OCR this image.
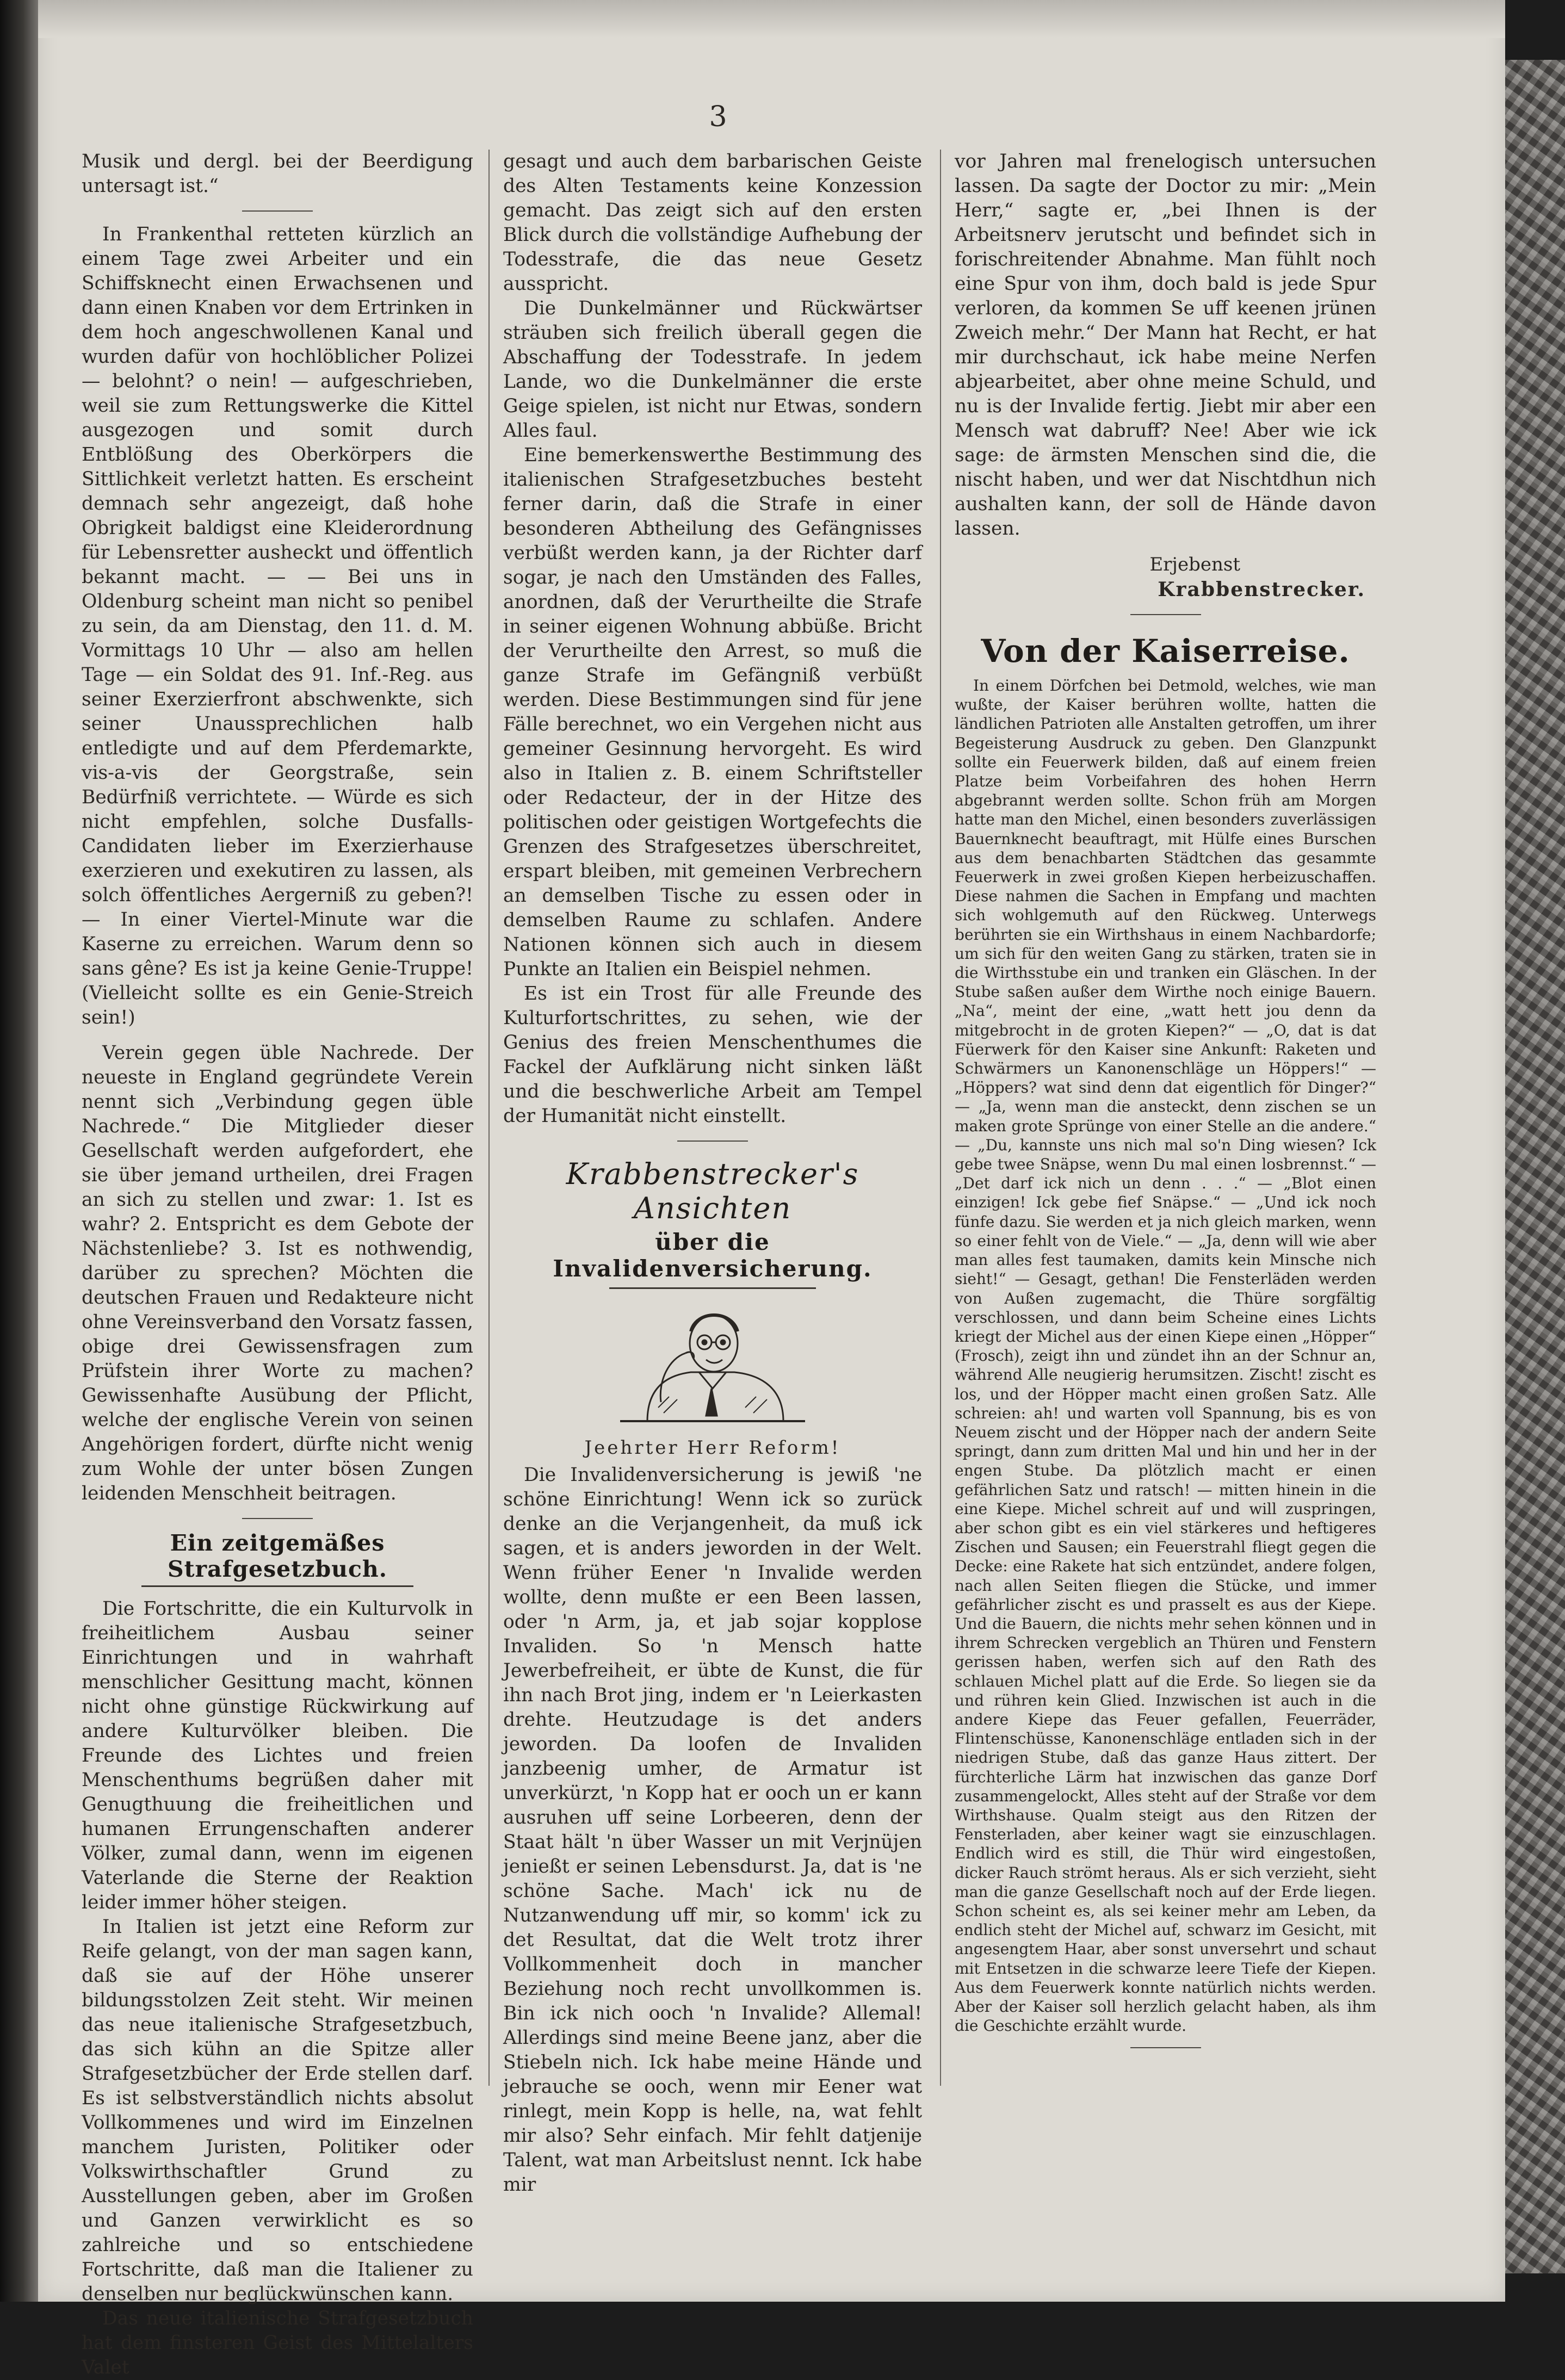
3

Musik und dergl. bei der Beerdigung untersagt ist.“

In Frankenthal retteten kürzlich an einem Tage zwei Arbeiter und ein Schiffsknecht einen Erwachsenen und dann einen Knaben vor dem Ertrinken in dem hoch angeschwollenen Kanal und wurden dafür von hochlöblicher Polizei — belohnt? o nein! — aufgeschrieben, weil sie zum Rettungswerke die Kittel ausgezogen und somit durch Entblößung des Oberkörpers die Sittlichkeit verletzt hatten. Es erscheint demnach sehr angezeigt, daß hohe Obrigkeit baldigst eine Kleiderordnung für Lebensretter ausheckt und öffentlich bekannt macht. — — Bei uns in Oldenburg scheint man nicht so penibel zu sein, da am Dienstag, den 11. d. M. Vormittags 10 Uhr — also am hellen Tage — ein Soldat des 91. Inf.-Reg. aus seiner Exerzierfront abschwenkte, sich seiner Unaussprechlichen halb entledigte und auf dem Pferdemarkte, vis-a-vis der Georgstraße, sein Bedürfniß verrichtete. — Würde es sich nicht empfehlen, solche Dusfalls-Candidaten lieber im Exerzierhause exerzieren und exekutiren zu lassen, als solch öffentliches Aergerniß zu geben?! — In einer Viertel-Minute war die Kaserne zu erreichen. Warum denn so sans gêne? Es ist ja keine Genie-Truppe! (Vielleicht sollte es ein Genie-Streich sein!)

Verein gegen üble Nachrede. Der neueste in England gegründete Verein nennt sich „Verbindung gegen üble Nachrede.“ Die Mitglieder dieser Gesellschaft werden aufgefordert, ehe sie über jemand urtheilen, drei Fragen an sich zu stellen und zwar: 1. Ist es wahr? 2. Entspricht es dem Gebote der Nächstenliebe? 3. Ist es nothwendig, darüber zu sprechen? Möchten die deutschen Frauen und Redakteure nicht ohne Vereinsverband den Vorsatz fassen, obige drei Gewissensfragen zum Prüfstein ihrer Worte zu machen? Gewissenhafte Ausübung der Pflicht, welche der englische Verein von seinen Angehörigen fordert, dürfte nicht wenig zum Wohle der unter bösen Zungen leidenden Menschheit beitragen.

Ein zeitgemäßes Strafgesetzbuch.

Die Fortschritte, die ein Kulturvolk in freiheitlichem Ausbau seiner Einrichtungen und in wahrhaft menschlicher Gesittung macht, können nicht ohne günstige Rückwirkung auf andere Kulturvölker bleiben. Die Freunde des Lichtes und freien Menschenthums begrüßen daher mit Genugthuung die freiheitlichen und humanen Errungenschaften anderer Völker, zumal dann, wenn im eigenen Vaterlande die Sterne der Reaktion leider immer höher steigen.

In Italien ist jetzt eine Reform zur Reife gelangt, von der man sagen kann, daß sie auf der Höhe unserer bildungsstolzen Zeit steht. Wir meinen das neue italienische Strafgesetzbuch, das sich kühn an die Spitze aller Strafgesetzbücher der Erde stellen darf. Es ist selbstverständlich nichts absolut Vollkommenes und wird im Einzelnen manchem Juristen, Politiker oder Volkswirthschaftler Grund zu Ausstellungen geben, aber im Großen und Ganzen verwirklicht es so zahlreiche und so entschiedene Fortschritte, daß man die Italiener zu denselben nur beglückwünschen kann.

Das neue italienische Strafgesetzbuch hat dem finsteren Geist des Mittelalters Valet

gesagt und auch dem barbarischen Geiste des Alten Testaments keine Konzession gemacht. Das zeigt sich auf den ersten Blick durch die vollständige Aufhebung der Todesstrafe, die das neue Gesetz ausspricht.

Die Dunkelmänner und Rückwärtser sträuben sich freilich überall gegen die Abschaffung der Todesstrafe. In jedem Lande, wo die Dunkelmänner die erste Geige spielen, ist nicht nur Etwas, sondern Alles faul.

Eine bemerkenswerthe Bestimmung des italienischen Strafgesetzbuches besteht ferner darin, daß die Strafe in einer besonderen Abtheilung des Gefängnisses verbüßt werden kann, ja der Richter darf sogar, je nach den Umständen des Falles, anordnen, daß der Verurtheilte die Strafe in seiner eigenen Wohnung abbüße. Bricht der Verurtheilte den Arrest, so muß die ganze Strafe im Gefängniß verbüßt werden. Diese Bestimmungen sind für jene Fälle berechnet, wo ein Vergehen nicht aus gemeiner Gesinnung hervorgeht. Es wird also in Italien z. B. einem Schriftsteller oder Redacteur, der in der Hitze des politischen oder geistigen Wortgefechts die Grenzen des Strafgesetzes überschreitet, erspart bleiben, mit gemeinen Verbrechern an demselben Tische zu essen oder in demselben Raume zu schlafen. Andere Nationen können sich auch in diesem Punkte an Italien ein Beispiel nehmen.

Es ist ein Trost für alle Freunde des Kulturfortschrittes, zu sehen, wie der Genius des freien Menschenthumes die Fackel der Aufklärung nicht sinken läßt und die beschwerliche Arbeit am Tempel der Humanität nicht einstellt.

Krabbenstrecker's Ansichten
über die Invalidenversicherung.
Jeehrter Herr Reform!

Die Invalidenversicherung is jewiß 'ne schöne Einrichtung! Wenn ick so zurück denke an die Verjangenheit, da muß ick sagen, et is anders jeworden in der Welt. Wenn früher Eener 'n Invalide werden wollte, denn mußte er een Been lassen, oder 'n Arm, ja, et jab sojar kopplose Invaliden. So 'n Mensch hatte Jewerbefreiheit, er übte de Kunst, die für ihn nach Brot jing, indem er 'n Leierkasten drehte. Heutzudage is det anders jeworden. Da loofen de Invaliden janzbeenig umher, de Armatur ist unverkürzt, 'n Kopp hat er ooch un er kann ausruhen uff seine Lorbeeren, denn der Staat hält 'n über Wasser un mit Verjnüjen jenießt er seinen Lebensdurst. Ja, dat is 'ne schöne Sache. Mach' ick nu de Nutzanwendung uff mir, so komm' ick zu det Resultat, dat die Welt trotz ihrer Vollkommenheit doch in mancher Beziehung noch recht unvollkommen is. Bin ick nich ooch 'n Invalide? Allemal! Allerdings sind meine Beene janz, aber die Stiebeln nich. Ick habe meine Hände und jebrauche se ooch, wenn mir Eener wat rinlegt, mein Kopp is helle, na, wat fehlt mir also? Sehr einfach. Mir fehlt datjenije Talent, wat man Arbeitslust nennt. Ick habe mir

vor Jahren mal frenelogisch untersuchen lassen. Da sagte der Doctor zu mir: „Mein Herr,“ sagte er, „bei Ihnen is der Arbeitsnerv jerutscht und befindet sich in forischreitender Abnahme. Man fühlt noch eine Spur von ihm, doch bald is jede Spur verloren, da kommen Se uff keenen jrünen Zweich mehr.“ Der Mann hat Recht, er hat mir durchschaut, ick habe meine Nerfen abjearbeitet, aber ohne meine Schuld, und nu is der Invalide fertig. Jiebt mir aber een Mensch wat dabruff? Nee! Aber wie ick sage: de ärmsten Menschen sind die, die nischt haben, und wer dat Nischtdhun nich aushalten kann, der soll de Hände davon lassen.

Erjebenst
Krabbenstrecker.
Von der Kaiserreise.

In einem Dörfchen bei Detmold, welches, wie man wußte, der Kaiser berühren wollte, hatten die ländlichen Patrioten alle Anstalten getroffen, um ihrer Begeisterung Ausdruck zu geben. Den Glanzpunkt sollte ein Feuerwerk bilden, daß auf einem freien Platze beim Vorbeifahren des hohen Herrn abgebrannt werden sollte. Schon früh am Morgen hatte man den Michel, einen besonders zuverlässigen Bauernknecht beauftragt, mit Hülfe eines Burschen aus dem benachbarten Städtchen das gesammte Feuerwerk in zwei großen Kiepen herbeizuschaffen. Diese nahmen die Sachen in Empfang und machten sich wohlgemuth auf den Rückweg. Unterwegs berührten sie ein Wirthshaus in einem Nachbardorfe; um sich für den weiten Gang zu stärken, traten sie in die Wirthsstube ein und tranken ein Gläschen. In der Stube saßen außer dem Wirthe noch einige Bauern. „Na“, meint der eine, „watt hett jou denn da mitgebrocht in de groten Kiepen?“ — „O, dat is dat Füerwerk för den Kaiser sine Ankunft: Raketen und Schwärmers un Kanonenschläge un Höppers!“ — „Höppers? wat sind denn dat eigentlich för Dinger?“ — „Ja, wenn man die ansteckt, denn zischen se un maken grote Sprünge von einer Stelle an die andere.“ — „Du, kannste uns nich mal so'n Ding wiesen? Ick gebe twee Snäpse, wenn Du mal einen losbrennst.“ — „Det darf ick nich un denn . . .“ — „Blot einen einzigen! Ick gebe fief Snäpse.“ — „Und ick noch fünfe dazu. Sie werden et ja nich gleich marken, wenn so einer fehlt von de Viele.“ — „Ja, denn will wie aber man alles fest taumaken, damits kein Minsche nich sieht!“ — Gesagt, gethan! Die Fensterläden werden von Außen zugemacht, die Thüre sorgfältig verschlossen, und dann beim Scheine eines Lichts kriegt der Michel aus der einen Kiepe einen „Höpper“ (Frosch), zeigt ihn und zündet ihn an der Schnur an, während Alle neugierig herumsitzen. Zischt! zischt es los, und der Höpper macht einen großen Satz. Alle schreien: ah! und warten voll Spannung, bis es von Neuem zischt und der Höpper nach der andern Seite springt, dann zum dritten Mal und hin und her in der engen Stube. Da plötzlich macht er einen gefährlichen Satz und ratsch! — mitten hinein in die eine Kiepe. Michel schreit auf und will zuspringen, aber schon gibt es ein viel stärkeres und heftigeres Zischen und Sausen; ein Feuerstrahl fliegt gegen die Decke: eine Rakete hat sich entzündet, andere folgen, nach allen Seiten fliegen die Stücke, und immer gefährlicher zischt es und prasselt es aus der Kiepe. Und die Bauern, die nichts mehr sehen können und in ihrem Schrecken vergeblich an Thüren und Fenstern gerissen haben, werfen sich auf den Rath des schlauen Michel platt auf die Erde. So liegen sie da und rühren kein Glied. Inzwischen ist auch in die andere Kiepe das Feuer gefallen, Feuerräder, Flintenschüsse, Kanonenschläge entladen sich in der niedrigen Stube, daß das ganze Haus zittert. Der fürchterliche Lärm hat inzwischen das ganze Dorf zusammengelockt, Alles steht auf der Straße vor dem Wirthshause. Qualm steigt aus den Ritzen der Fensterladen, aber keiner wagt sie einzuschlagen. Endlich wird es still, die Thür wird eingestoßen, dicker Rauch strömt heraus. Als er sich verzieht, sieht man die ganze Gesellschaft noch auf der Erde liegen. Schon scheint es, als sei keiner mehr am Leben, da endlich steht der Michel auf, schwarz im Gesicht, mit angesengtem Haar, aber sonst unversehrt und schaut mit Entsetzen in die schwarze leere Tiefe der Kiepen. Aus dem Feuerwerk konnte natürlich nichts werden. Aber der Kaiser soll herzlich gelacht haben, als ihm die Geschichte erzählt wurde.
